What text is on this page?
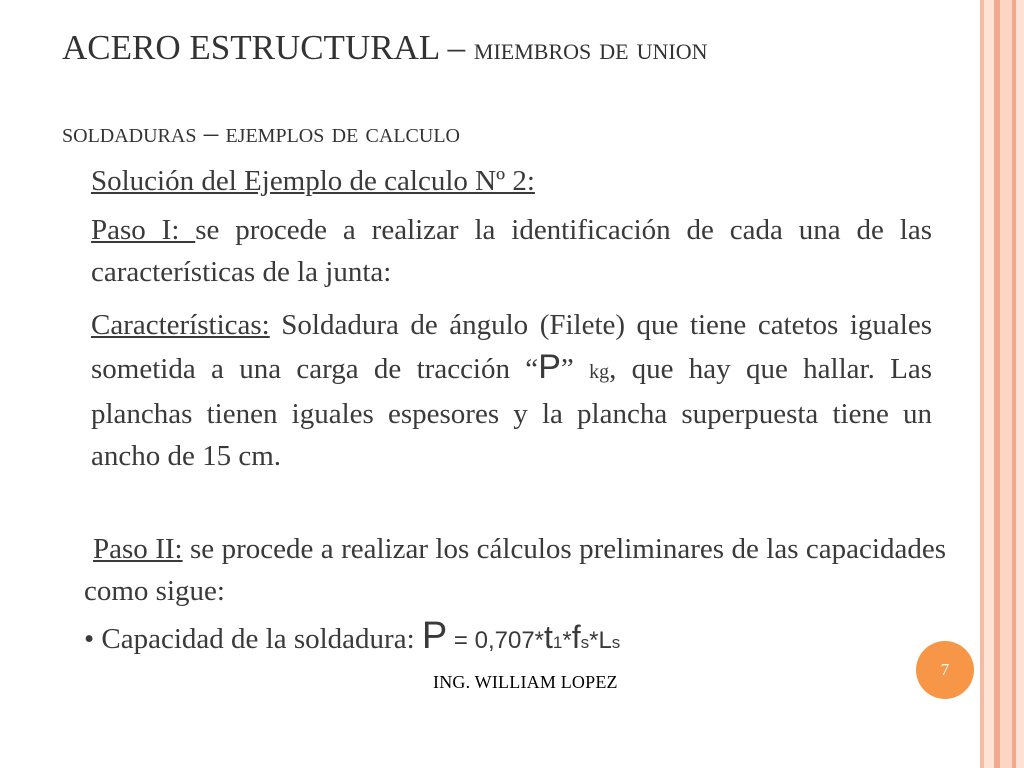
ACERO ESTRUCTURAL – miembros de union
soldaduras – ejemplos de calculo
Solución del Ejemplo de calculo Nº 2:
Paso I: se procede a realizar la identificación de cada una de las características de la junta:
Características: Soldadura de ángulo (Filete) que tiene catetos iguales sometida a una carga de tracción “P” kg, que hay que hallar. Las planchas tienen iguales espesores y la plancha superpuesta tiene un ancho de 15 cm.
Paso II: se procede a realizar los cálculos preliminares de las capacidades como sigue:
• Capacidad de la soldadura: P = 0,707*t1*fs*Ls
7
ING. WILLIAM LOPEZ
